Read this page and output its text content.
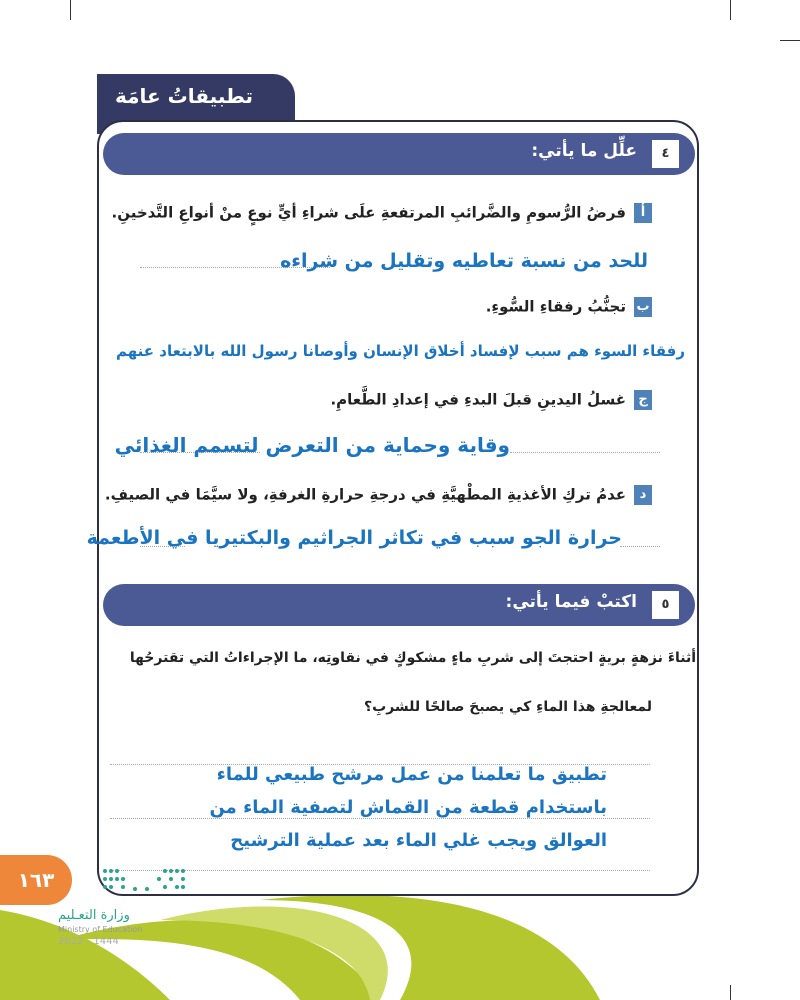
تطبيقاتُ عامَة
٤
علِّل ما يأتي:
أفرضُ الرُّسومِ والضَّرائبِ المرتفعةِ علَى شراءِ أيٍّ نوعٍ منْ أنواعِ التَّدخينِ.
للحد من نسبة تعاطيه وتقليل من شراءه
بتجنُّبُ رفقاءِ السُّوءِ.
رفقاء السوء هم سبب لإفساد أخلاق الإنسان وأوصانا رسول الله بالابتعاد عنهم
جغسلُ اليدينِ قبلَ البدءِ في إعدادِ الطَّعامِ.
وقاية وحماية من التعرض لتسمم الغذائي
دعدمُ تركِ الأغذيةِ المطْهيَّةِ في درجةِ حرارةِ الغرفةِ، ولا سيَّمَا في الصيفِ.
حرارة الجو سبب في تكاثر الجراثيم والبكتيريا في الأطعمة
٥
اكتبْ فيما يأتي:
أثناءَ نزهةٍ بريةٍ احتجتَ إلى شربِ ماءٍ مشكوكٍ في نقاوتِه، ما الإجراءاتُ التي تقترحُها
لمعالجةِ هذا الماءِ كي يصبحَ صالحًا للشربِ؟
تطبيق ما تعلمنا من عمل مرشح طبيعي للماء
باستخدام قطعة من القماش لتصفية الماء من
العوالق ويجب غلي الماء بعد عملية الترشيح
١٦٣
وزارة التعـليم
Ministry of Education
2022 - 1444
